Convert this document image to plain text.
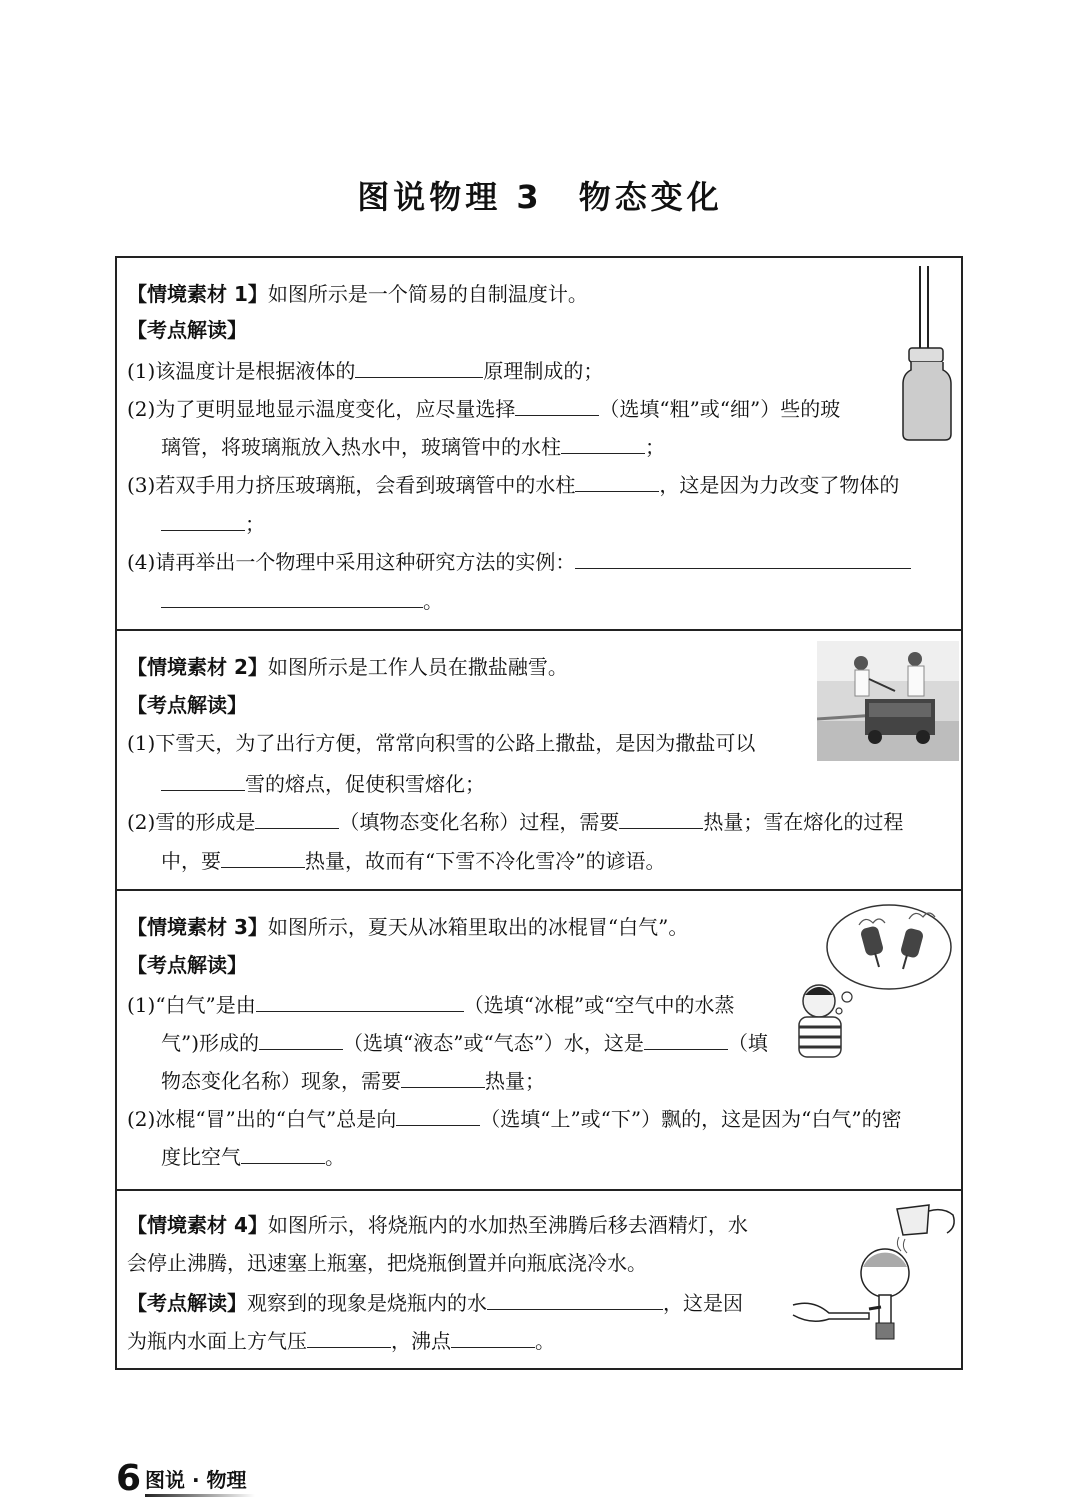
图说物理 3　物态变化
【情境素材 1】如图所示是一个简易的自制温度计。
【考点解读】
(1)该温度计是根据液体的	原理制成的；
(2)为了更明显地显示温度变化，应尽量选择	（选填“粗”或“细”）些的玻
璃管，将玻璃瓶放入热水中，玻璃管中的水柱	；
(3)若双手用力挤压玻璃瓶，会看到玻璃管中的水柱	，这是因为力改变了物体的
；
(4)请再举出一个物理中采用这种研究方法的实例：
。
【情境素材 2】如图所示是工作人员在撒盐融雪。
【考点解读】
(1)下雪天，为了出行方便，常常向积雪的公路上撒盐，是因为撒盐可以
雪的熔点，促使积雪熔化；
(2)雪的形成是	（填物态变化名称）过程，需要	热量；雪在熔化的过程
中，要	热量，故而有“下雪不冷化雪冷”的谚语。
【情境素材 3】如图所示，夏天从冰箱里取出的冰棍冒“白气”。
【考点解读】
(1)“白气”是由	（选填“冰棍”或“空气中的水蒸
气”)形成的	（选填“液态”或“气态”）水，这是	（填
物态变化名称）现象，需要	热量；
(2)冰棍“冒”出的“白气”总是向	（选填“上”或“下”）飘的，这是因为“白气”的密
度比空气	。
【情境素材 4】如图所示，将烧瓶内的水加热至沸腾后移去酒精灯，水
会停止沸腾，迅速塞上瓶塞，把烧瓶倒置并向瓶底浇冷水。
【考点解读】观察到的现象是烧瓶内的水	，这是因
为瓶内水面上方气压	，沸点	。
6 图说 · 物理
